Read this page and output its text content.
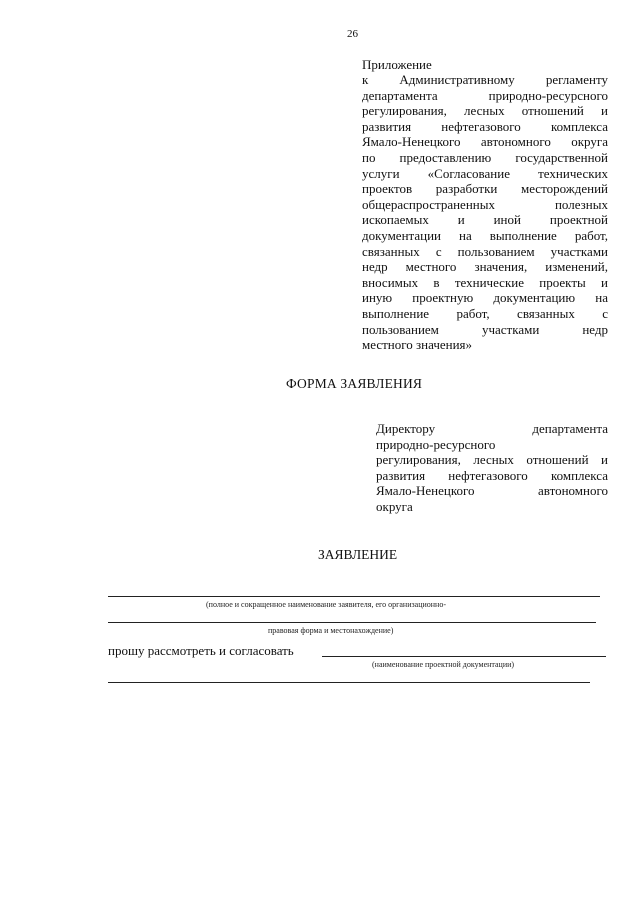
26
Приложение
к Административному регламенту
департамента природно-ресурсного
регулирования, лесных отношений и
развития нефтегазового комплекса
Ямало-Ненецкого автономного округа
по предоставлению государственной
услуги «Согласование технических
проектов разработки месторождений
общераспространенных полезных
ископаемых и иной проектной
документации на выполнение работ,
связанных с пользованием участками
недр местного значения, изменений,
вносимых в технические проекты и
иную проектную документацию на
выполнение работ, связанных с
пользованием участками недр
местного значения»
ФОРМА ЗАЯВЛЕНИЯ
Директору департамента
природно-ресурсного
регулирования, лесных отношений и
развития нефтегазового комплекса
Ямало-Ненецкого автономного
округа
ЗАЯВЛЕНИЕ
(полное и сокращенное наименование заявителя, его организационно-
правовая форма и местонахождение)
прошу рассмотреть и согласовать
(наименование проектной документации)
